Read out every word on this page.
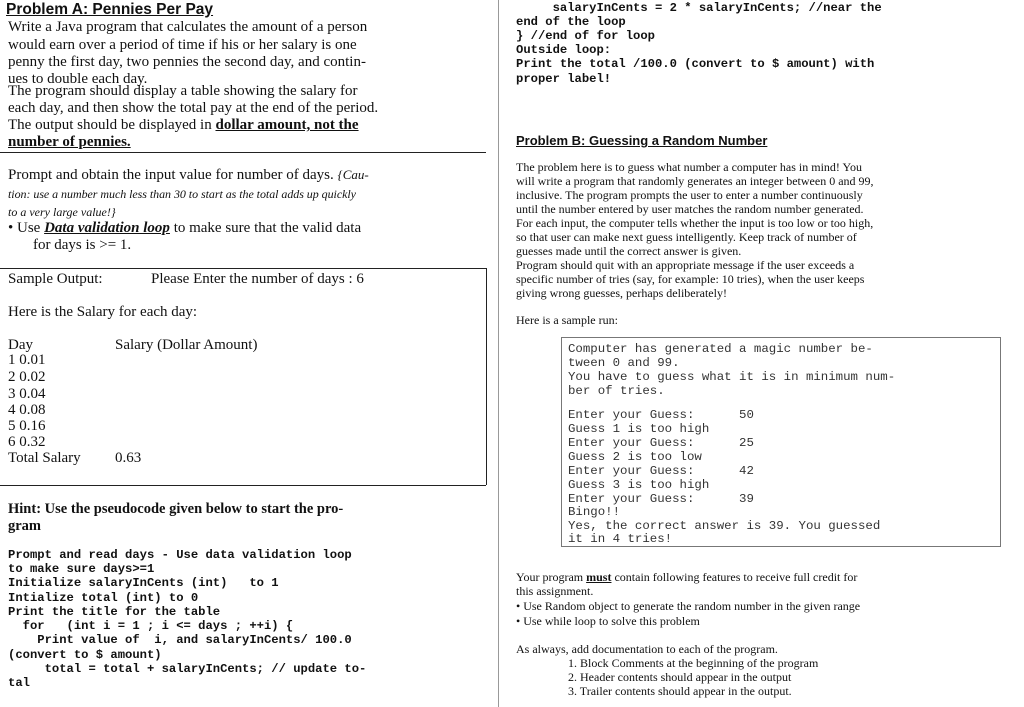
Problem A: Pennies Per Pay
Write a Java program that calculates the amount of a person
would earn over a period of time if his or her salary is one
penny the first day, two pennies the second day, and contin-
ues to double each day.
The program should display a table showing the salary for
each day, and then show the total pay at the end of the period.
The output should be displayed in dollar amount, not the
number of pennies.
Prompt and obtain the input value for number of days. {Cau-
tion: use a number much less than 30 to start as the total adds up quickly
to a very large value!}
• Use Data validation loop to make sure that the valid data
for days is >= 1.
Sample Output:	Please Enter the number of days : 6
Here is the Salary for each day:
Day	Salary (Dollar Amount)
1 0.01
2 0.02
3 0.04
4 0.08
5 0.16
6 0.32
Total Salary 0.63
Hint: Use the pseudocode given below to start the pro-
gram
Prompt and read days - Use data validation loop
to make sure days>=1
Initialize salaryInCents (int)   to 1
Intialize total (int) to 0
Print the title for the table
for   (int i = 1 ; i <= days ; ++i) {
Print value of  i, and salaryInCents/ 100.0
(convert to $ amount)
total = total + salaryInCents; // update to-
tal
salaryInCents = 2 * salaryInCents; //near the
end of the loop
} //end of for loop
Outside loop:
Print the total /100.0 (convert to $ amount) with
proper label!
Problem B: Guessing a Random Number
The problem here is to guess what number a computer has in mind! You
will write a program that randomly generates an integer between 0 and 99,
inclusive. The program prompts the user to enter a number continuously
until the number entered by user matches the random number generated.
For each input, the computer tells whether the input is too low or too high,
so that user can make next guess intelligently. Keep track of number of
guesses made until the correct answer is given.
Program should quit with an appropriate message if the user exceeds a
specific number of tries (say, for example: 10 tries), when the user keeps
giving wrong guesses, perhaps deliberately!
Here is a sample run:
Computer has generated a magic number be-
tween 0 and 99.
You have to guess what it is in minimum num-
ber of tries.
Enter your Guess:      50
Guess 1 is too high
Enter your Guess:      25
Guess 2 is too low
Enter your Guess:      42
Guess 3 is too high
Enter your Guess:      39
Bingo!!
Yes, the correct answer is 39. You guessed
it in 4 tries!
Your program must contain following features to receive full credit for
this assignment.
• Use Random object to generate the random number in the given range
• Use while loop to solve this problem
As always, add documentation to each of the program.
1. Block Comments at the beginning of the program
2. Header contents should appear in the output
3. Trailer contents should appear in the output.
